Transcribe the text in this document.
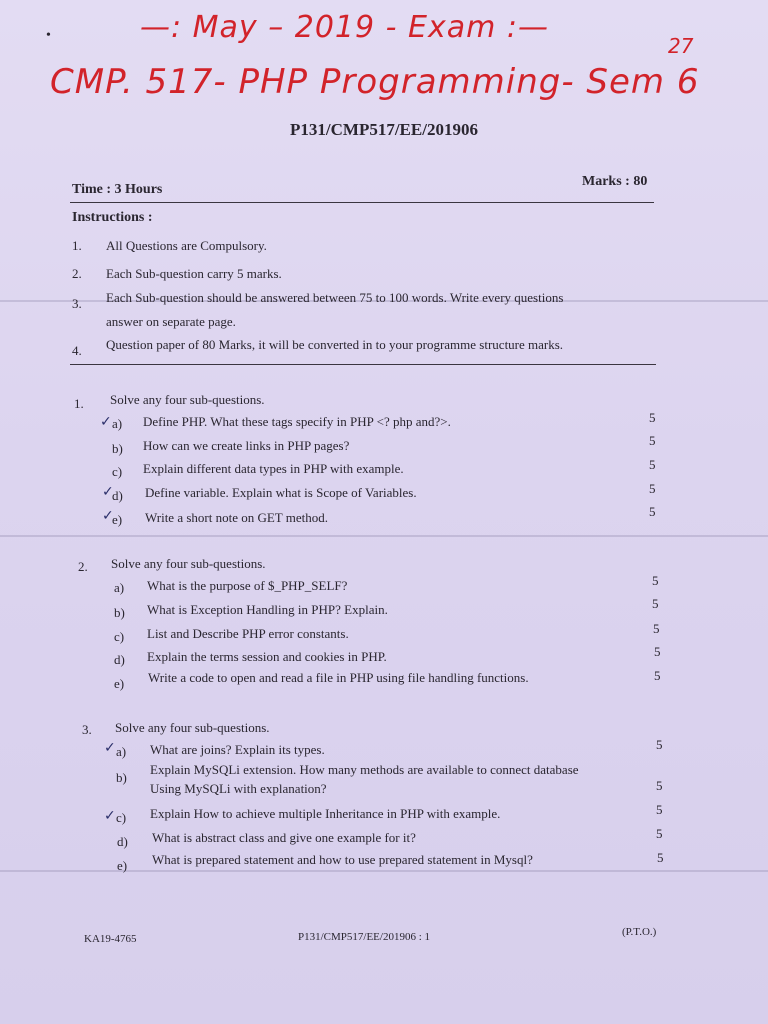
•	—: May – 2019 - Exam :—
CMP. 517- PHP Programming- Sem 6
27
P131/CMP517/EE/201906
Time : 3 Hours
Marks : 80
Instructions :
1. All Questions are Compulsory.
2. Each Sub-question carry 5 marks.
3. Each Sub-question should be answered between 75 to 100 words. Write every questions
answer on separate page.
4. Question paper of 80 Marks, it will be converted in to your programme structure marks.
1. Solve any four sub-questions.
✓ a) Define PHP. What these tags specify in PHP <? php and?>.	5
b) How can we create links in PHP pages?	5
c) Explain different data types in PHP with example.	5
✓
d) Define variable. Explain what is Scope of Variables.	5
✓
e) Write a short note on GET method.	5
2. Solve any four sub-questions.
a) What is the purpose of $_PHP_SELF?	5
b) What is Exception Handling in PHP? Explain.	5
c) List and Describe PHP error constants.	5
d) Explain the terms session and cookies in PHP.	5
e) Write a code to open and read a file in PHP using file handling functions.	5
3. Solve any four sub-questions.
✓ a) What are joins? Explain its types.	5
b)
Explain MySQLi extension. How many methods are available to connect database
Using MySQLi with explanation?	5
✓ c) Explain How to achieve multiple Inheritance in PHP with example.	5
d) What is abstract class and give one example for it?	5
e) What is prepared statement and how to use prepared statement in Mysql?	5
KA19-4765	P131/CMP517/EE/201906 : 1	(P.T.O.)
